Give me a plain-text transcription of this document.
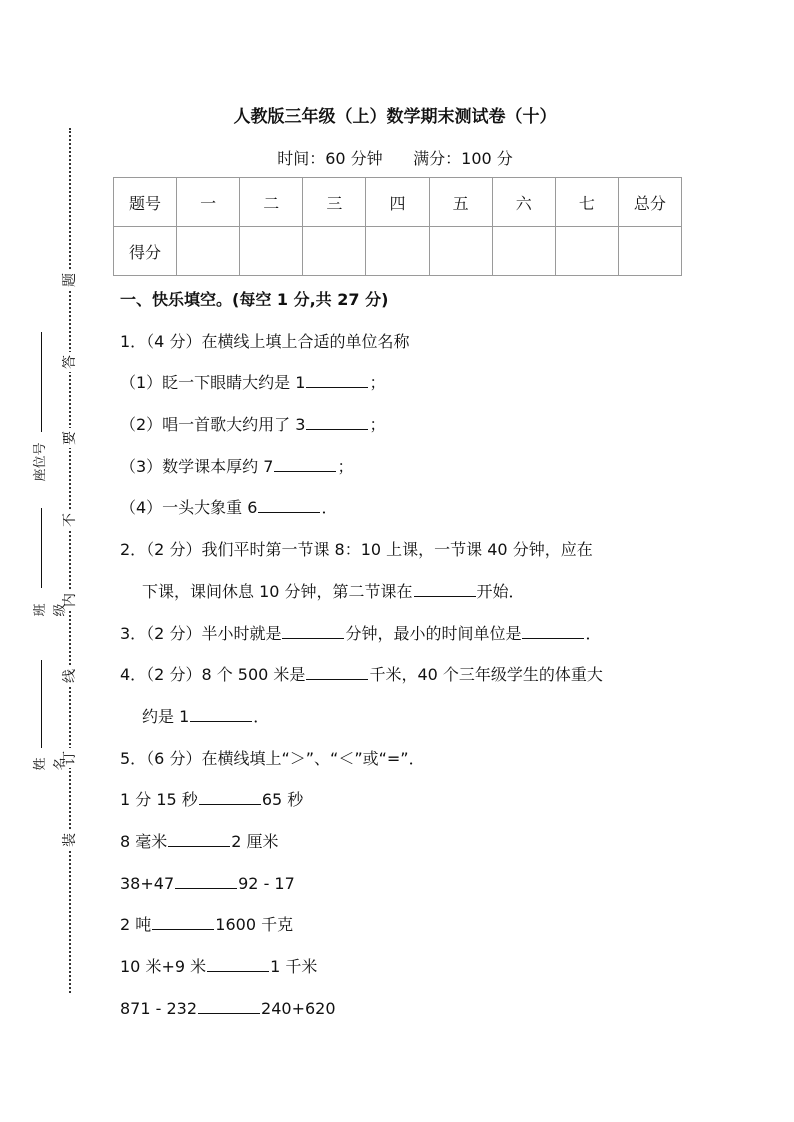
装
订
线
内
不
要
答
题
姓名
班级
座位号
人教版三年级（上）数学期末测试卷（十）
时间：60 分钟 满分：100 分
题号	一	二	三	四	五	六	七	总分
得分								
一、快乐填空。(每空 1 分,共 27 分)
1．（4 分）在横线上填上合适的单位名称
（1）眨一下眼睛大约是 1	；
（2）唱一首歌大约用了 3	；
（3）数学课本厚约 7	；
（4）一头大象重 6	．
2．（2 分）我们平时第一节课 8：10 上课，一节课 40 分钟，应在
下课，课间休息 10 分钟，第二节课在	开始．
3．（2 分）半小时就是	分钟，最小的时间单位是	．
4．（2 分）8 个 500 米是	千米，40 个三年级学生的体重大
约是 1	．
5．（6 分）在横线填上“＞”、“＜”或“=”．
1 分 15 秒	65 秒
8 毫米	2 厘米
38+47	92 - 17
2 吨	1600 千克
10 米+9 米	1 千米
871 - 232	240+620
